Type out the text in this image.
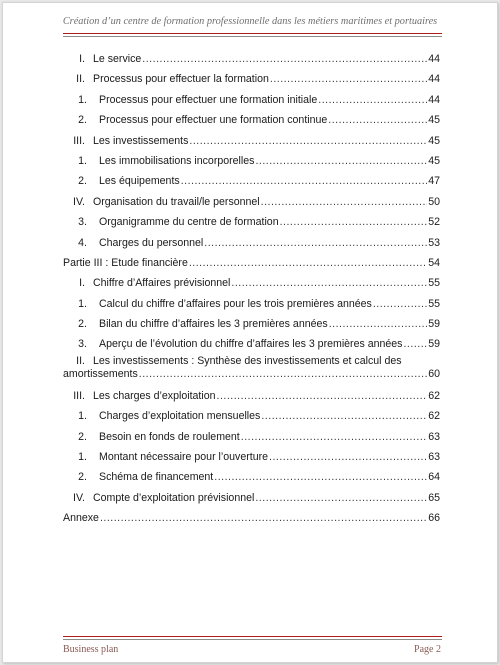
Création d’un centre de formation professionnelle dans les métiers maritimes et portuaires
I. Le service .....	44
II. Processus pour effectuer la formation .....	44
1.	Processus pour effectuer une formation initiale .....	44
2.	Processus pour effectuer une formation continue .....	45
III. Les investissements .....	45
1.	Les immobilisations incorporelles .....	45
2.	Les équipements .....	47
IV. Organisation du travail/le personnel .....	50
3.	Organigramme du centre de formation .....	52
4.	Charges du personnel .....	53
Partie III : Etude financière .....	54
I. Chiffre d’Affaires prévisionnel .....	55
1.	Calcul du chiffre d’affaires pour les trois premières années .....	55
2.	Bilan du chiffre d’affaires les 3 premières années .....	59
3.	Aperçu de l’évolution du chiffre d’affaires les 3 premières années ..... 59
II. Les investissements : Synthèse des investissements et calcul des
amortissements .....	60
III. Les charges d’exploitation .....	62
1.	Charges d’exploitation mensuelles .....	62
2.	Besoin en fonds de roulement .....	63
1.	Montant nécessaire pour l’ouverture .....	63
2.	Schéma de financement .....	64
IV. Compte d’exploitation prévisionnel .....	65
Annexe .....	66
Business plan	Page 2
